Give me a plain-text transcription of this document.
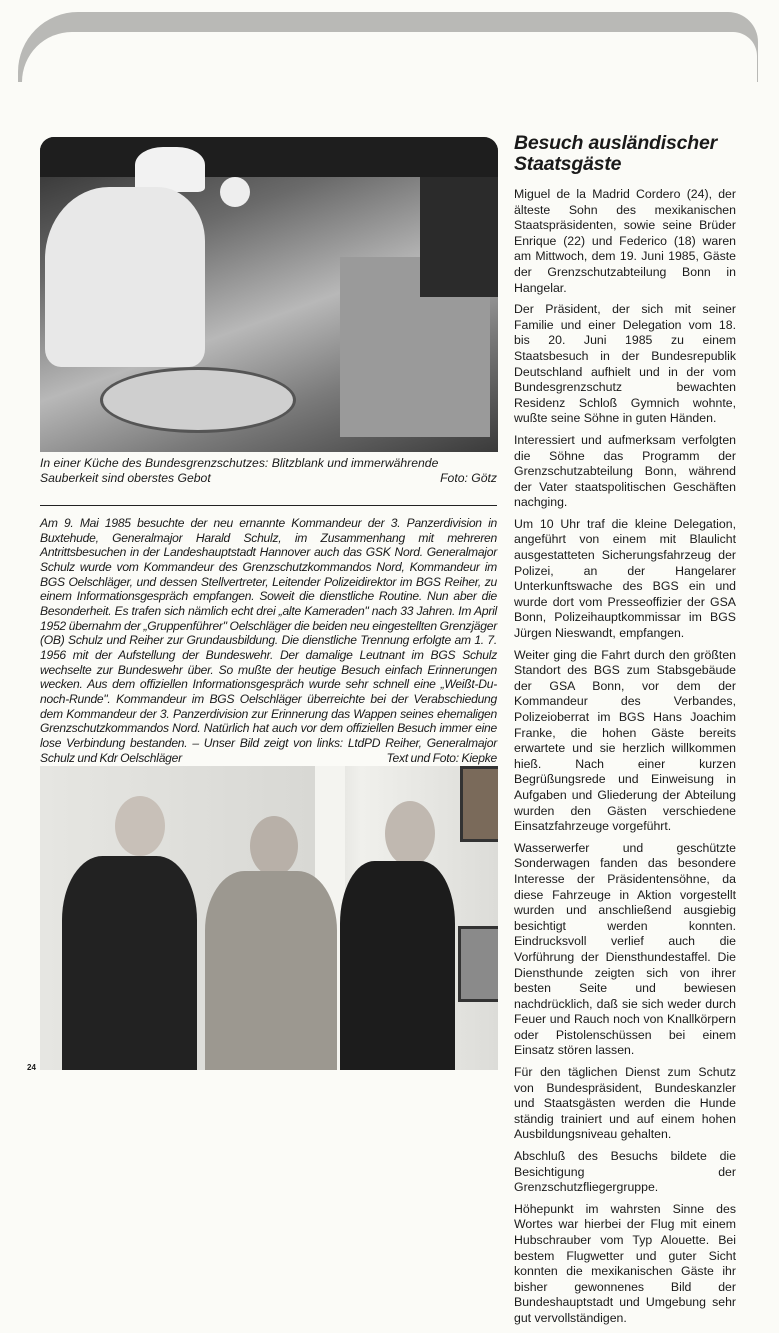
In einer Küche des Bundesgrenzschutzes: Blitzblank und immerwährende Sauberkeit sind oberstes Gebot	Foto: Götz
Am 9. Mai 1985 besuchte der neu ernannte Kommandeur der 3. Panzerdivision in Buxtehude, Generalmajor Harald Schulz, im Zusammenhang mit mehreren Antrittsbesuchen in der Landeshauptstadt Hannover auch das GSK Nord. Generalmajor Schulz wurde vom Kommandeur des Grenzschutzkommandos Nord, Kommandeur im BGS Oelschläger, und dessen Stellvertreter, Leitender Polizeidirektor im BGS Reiher, zu einem Informationsgespräch empfangen. Soweit die dienstliche Routine. Nun aber die Besonderheit. Es trafen sich nämlich echt drei „alte Kameraden" nach 33 Jahren. Im April 1952 übernahm der „Gruppenführer" Oelschläger die beiden neu eingestellten Grenzjäger (OB) Schulz und Reiher zur Grundausbildung. Die dienstliche Trennung erfolgte am 1. 7. 1956 mit der Aufstellung der Bundeswehr. Der damalige Leutnant im BGS Schulz wechselte zur Bundeswehr über. So mußte der heutige Besuch einfach Erinnerungen wecken. Aus dem offiziellen Informationsgespräch wurde sehr schnell eine „Weißt-Du-noch-Runde". Kommandeur im BGS Oelschläger überreichte bei der Verabschiedung dem Kommandeur der 3. Panzerdivision zur Erinnerung das Wappen seines ehemaligen Grenzschutzkommandos Nord. Natürlich hat auch vor dem offiziellen Besuch immer eine lose Verbindung bestanden. – Unser Bild zeigt von links: LtdPD Reiher, Generalmajor Schulz und Kdr Oelschläger	Text und Foto: Kiepke
Besuch ausländischer Staatsgäste

Miguel de la Madrid Cordero (24), der älteste Sohn des mexikanischen Staatspräsidenten, sowie seine Brüder Enrique (22) und Federico (18) waren am Mittwoch, dem 19. Juni 1985, Gäste der Grenzschutzabteilung Bonn in Hangelar.

Der Präsident, der sich mit seiner Familie und einer Delegation vom 18. bis 20. Juni 1985 zu einem Staatsbesuch in der Bundesrepublik Deutschland aufhielt und in der vom Bundesgrenzschutz bewachten Residenz Schloß Gymnich wohnte, wußte seine Söhne in guten Händen.

Interessiert und aufmerksam verfolgten die Söhne das Programm der Grenzschutzabteilung Bonn, während der Vater staatspolitischen Geschäften nachging.

Um 10 Uhr traf die kleine Delegation, angeführt von einem mit Blaulicht ausgestatteten Sicherungsfahrzeug der Polizei, an der Hangelarer Unterkunftswache des BGS ein und wurde dort vom Presseoffizier der GSA Bonn, Polizeihauptkommissar im BGS Jürgen Nieswandt, empfangen.

Weiter ging die Fahrt durch den größten Standort des BGS zum Stabsgebäude der GSA Bonn, vor dem der Kommandeur des Verbandes, Polizeioberrat im BGS Hans Joachim Franke, die hohen Gäste bereits erwartete und sie herzlich willkommen hieß. Nach einer kurzen Begrüßungsrede und Einweisung in Aufgaben und Gliederung der Abteilung wurden den Gästen verschiedene Einsatzfahrzeuge vorgeführt.

Wasserwerfer und geschützte Sonderwagen fanden das besondere Interesse der Präsidentensöhne, da diese Fahrzeuge in Aktion vorgestellt wurden und anschließend ausgiebig besichtigt werden konnten. Eindrucksvoll verlief auch die Vorführung der Diensthundestaffel. Die Diensthunde zeigten sich von ihrer besten Seite und bewiesen nachdrücklich, daß sie sich weder durch Feuer und Rauch noch von Knallkörpern oder Pistolenschüssen bei einem Einsatz stören lassen.

Für den täglichen Dienst zum Schutz von Bundespräsident, Bundeskanzler und Staatsgästen werden die Hunde ständig trainiert und auf einem hohen Ausbildungsniveau gehalten.

Abschluß des Besuchs bildete die Besichtigung der Grenzschutzfliegergruppe.

Höhepunkt im wahrsten Sinne des Wortes war hierbei der Flug mit einem Hubschrauber vom Typ Alouette. Bei bestem Flugwetter und guter Sicht konnten die mexikanischen Gäste ihr bisher gewonnenes Bild der Bundeshauptstadt und Umgebung sehr gut vervollständigen.

24
